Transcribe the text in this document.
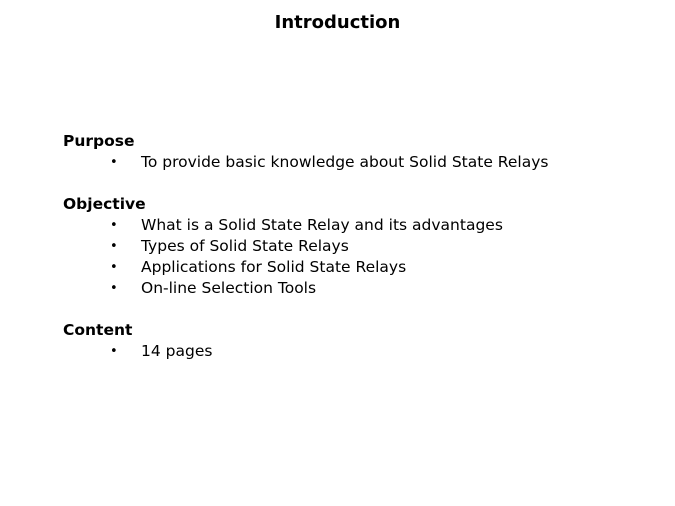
Introduction
Purpose
• To provide basic knowledge about Solid State Relays
Objective
• What is a Solid State Relay and its advantages
• Types of Solid State Relays
• Applications for Solid State Relays
• On-line Selection Tools
Content
• 14 pages
